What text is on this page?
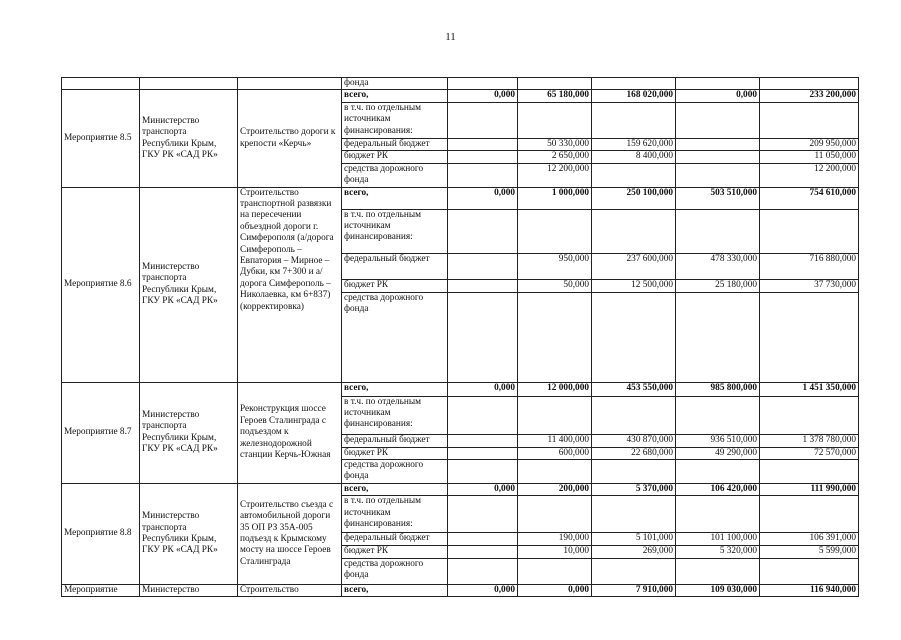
11
			фонда					
Мероприятие 8.5	Министерство транспорта Республики Крым, ГКУ РК «САД РК»	Строительство дороги к крепости «Керчь»	всего,	0,000	65 180,000	168 020,000	0,000	233 200,000
			в т.ч. по отдельным источникам финансирования:					
			федеральный бюджет		50 330,000	159 620,000		209 950,000
			бюджет РК		2 650,000	8 400,000		11 050,000
			средства дорожного фонда		12 200,000			12 200,000
Мероприятие 8.6	Министерство транспорта Республики Крым, ГКУ РК «САД РК»	Строительство транспортной развязки на пересечении объездной дороги г. Симферополя (а/дорога Симферополь – Евпатория – Мирное – Дубки, км 7+300 и а/дорога Симферополь – Николаевка, км 6+837) (корректировка)	всего,	0,000	1 000,000	250 100,000	503 510,000	754 610,000
			в т.ч. по отдельным источникам финансирования:					
			федеральный бюджет		950,000	237 600,000	478 330,000	716 880,000
			бюджет РК		50,000	12 500,000	25 180,000	37 730,000
			средства дорожного фонда					
Мероприятие 8.7	Министерство транспорта Республики Крым, ГКУ РК «САД РК»	Реконструкция шоссе Героев Сталинграда с подъездом к железнодорожной станции Керчь-Южная	всего,	0,000	12 000,000	453 550,000	985 800,000	1 451 350,000
			в т.ч. по отдельным источникам финансирования:					
			федеральный бюджет		11 400,000	430 870,000	936 510,000	1 378 780,000
			бюджет РК		600,000	22 680,000	49 290,000	72 570,000
			средства дорожного фонда					
Мероприятие 8.8	Министерство транспорта Республики Крым, ГКУ РК «САД РК»	Строительство съезда с автомобильной дороги 35 ОП РЗ 35А-005 подъезд к Крымскому мосту на шоссе Героев Сталинграда	всего,	0,000	200,000	5 370,000	106 420,000	111 990,000
			в т.ч. по отдельным источникам финансирования:					
			федеральный бюджет		190,000	5 101,000	101 100,000	106 391,000
			бюджет РК		10,000	269,000	5 320,000	5 599,000
			средства дорожного фонда					
Мероприятие	Министерство	Строительство	всего,	0,000	0,000	7 910,000	109 030,000	116 940,000
